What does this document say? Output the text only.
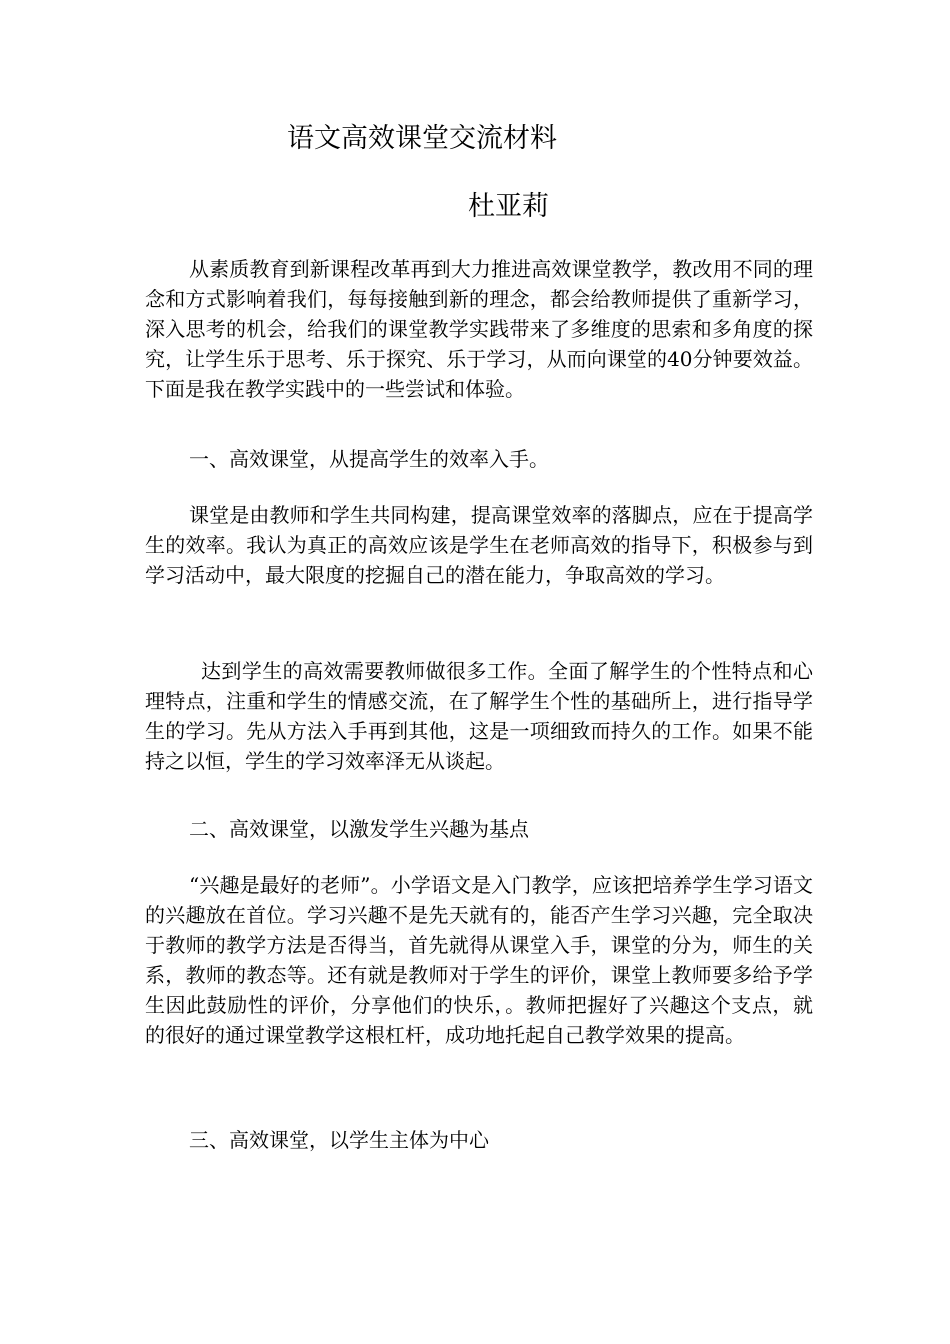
语文高效课堂交流材料
杜亚莉

从素质教育到新课程改革再到大力推进高效课堂教学，教改用不同的理念和方式影响着我们，每每接触到新的理念，都会给教师提供了重新学习，深入思考的机会，给我们的课堂教学实践带来了多维度的思索和多角度的探究，让学生乐于思考、乐于探究、乐于学习，从而向课堂的40分钟要效益。下面是我在教学实践中的一些尝试和体验。

一、高效课堂，从提高学生的效率入手。

课堂是由教师和学生共同构建，提高课堂效率的落脚点，应在于提高学生的效率。我认为真正的高效应该是学生在老师高效的指导下，积极参与到学习活动中，最大限度的挖掘自己的潜在能力，争取高效的学习。

达到学生的高效需要教师做很多工作。全面了解学生的个性特点和心理特点，注重和学生的情感交流，在了解学生个性的基础所上，进行指导学生的学习。先从方法入手再到其他，这是一项细致而持久的工作。如果不能持之以恒，学生的学习效率泽无从谈起。

二、高效课堂，以激发学生兴趣为基点

“兴趣是最好的老师”。小学语文是入门教学，应该把培养学生学习语文的兴趣放在首位。学习兴趣不是先天就有的，能否产生学习兴趣，完全取决于教师的教学方法是否得当，首先就得从课堂入手，课堂的分为，师生的关系，教师的教态等。还有就是教师对于学生的评价，课堂上教师要多给予学生因此鼓励性的评价，分享他们的快乐，。教师把握好了兴趣这个支点，就的很好的通过课堂教学这根杠杆，成功地托起自己教学效果的提高。

三、高效课堂，以学生主体为中心
